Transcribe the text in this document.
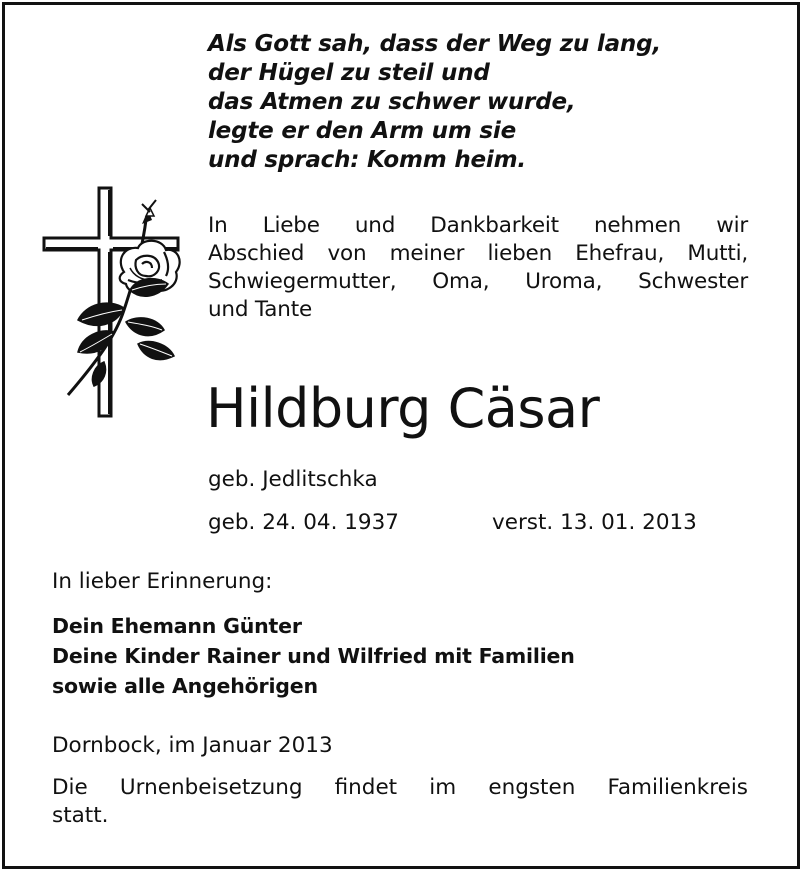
Als Gott sah, dass der Weg zu lang,
der Hügel zu steil und
das Atmen zu schwer wurde,
legte er den Arm um sie
und sprach: Komm heim.
In Liebe und Dankbarkeit nehmen wir
Abschied von meiner lieben Ehefrau, Mutti,
Schwiegermutter, Oma, Uroma, Schwester
und Tante
Hildburg Cäsar
geb. Jedlitschka
geb. 24. 04. 1937	verst. 13. 01. 2013
In lieber Erinnerung:
Dein Ehemann Günter
Deine Kinder Rainer und Wilfried mit Familien
sowie alle Angehörigen
Dornbock, im Januar 2013
Die Urnenbeisetzung findet im engsten Familienkreis
statt.
